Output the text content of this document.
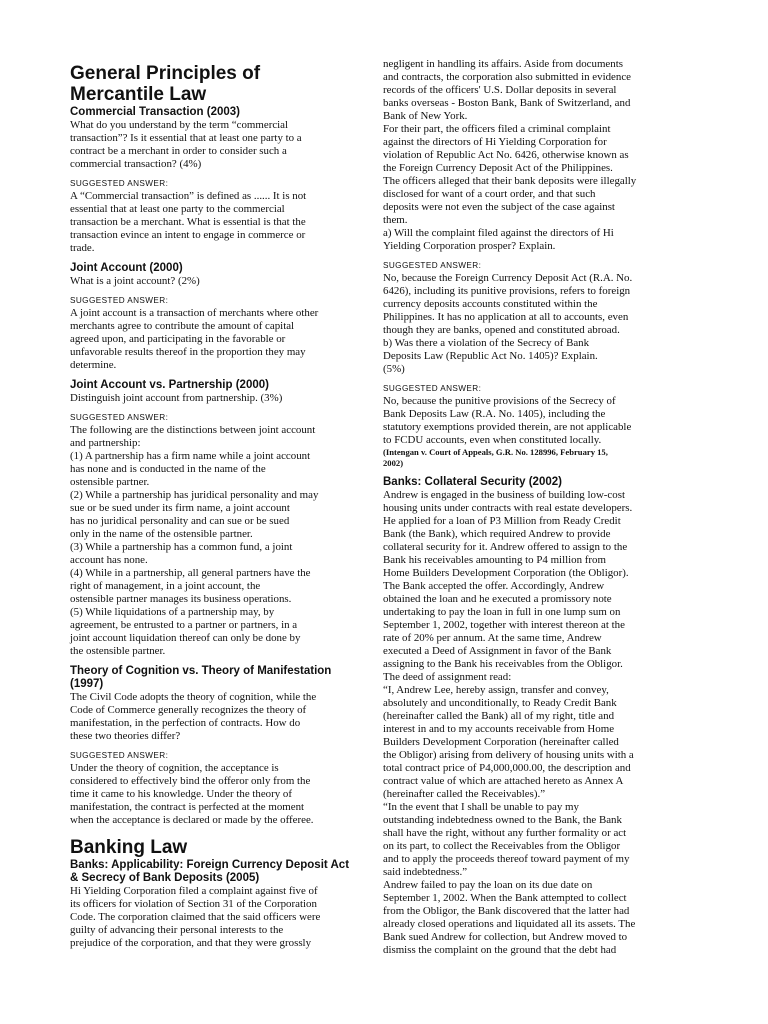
General Principles of
Mercantile Law
Commercial Transaction (2003)

What do you understand by the term “commercial
transaction”? Is it essential that at least one party to a
contract be a merchant in order to consider such a
commercial transaction? (4%)

SUGGESTED ANSWER:

A “Commercial transaction” is defined as ...... It is not
essential that at least one party to the commercial
transaction be a merchant. What is essential is that the
transaction evince an intent to engage in commerce or
trade.

Joint Account (2000)

What is a joint account? (2%)

SUGGESTED ANSWER:

A joint account is a transaction of merchants where other
merchants agree to contribute the amount of capital
agreed upon, and participating in the favorable or
unfavorable results thereof in the proportion they may
determine.

Joint Account vs. Partnership (2000)

Distinguish joint account from partnership. (3%)

SUGGESTED ANSWER:

The following are the distinctions between joint account
and partnership:
(1) A partnership has a firm name while a joint account
has none and is conducted in the name of the
ostensible partner.
(2) While a partnership has juridical personality and may
sue or be sued under its firm name, a joint account
has no juridical personality and can sue or be sued
only in the name of the ostensible partner.
(3) While a partnership has a common fund, a joint
account has none.
(4) While in a partnership, all general partners have the
right of management, in a joint account, the
ostensible partner manages its business operations.
(5) While liquidations of a partnership may, by
agreement, be entrusted to a partner or partners, in a
joint account liquidation thereof can only be done by
the ostensible partner.

Theory of Cognition vs. Theory of Manifestation
(1997)

The Civil Code adopts the theory of cognition, while the
Code of Commerce generally recognizes the theory of
manifestation, in the perfection of contracts. How do
these two theories differ?

SUGGESTED ANSWER:

Under the theory of cognition, the acceptance is
considered to effectively bind the offeror only from the
time it came to his knowledge. Under the theory of
manifestation, the contract is perfected at the moment
when the acceptance is declared or made by the offeree.

Banking Law
Banks: Applicability: Foreign Currency Deposit Act
& Secrecy of Bank Deposits (2005)

Hi Yielding Corporation filed a complaint against five of
its officers for violation of Section 31 of the Corporation
Code. The corporation claimed that the said officers were
guilty of advancing their personal interests to the
prejudice of the corporation, and that they were grossly

negligent in handling its affairs. Aside from documents
and contracts, the corporation also submitted in evidence
records of the officers' U.S. Dollar deposits in several
banks overseas - Boston Bank, Bank of Switzerland, and
Bank of New York.
For their part, the officers filed a criminal complaint
against the directors of Hi Yielding Corporation for
violation of Republic Act No. 6426, otherwise known as
the Foreign Currency Deposit Act of the Philippines.
The officers alleged that their bank deposits were illegally
disclosed for want of a court order, and that such
deposits were not even the subject of the case against
them.
a) Will the complaint filed against the directors of Hi
Yielding Corporation prosper? Explain.

SUGGESTED ANSWER:

No, because the Foreign Currency Deposit Act (R.A. No.
6426), including its punitive provisions, refers to foreign
currency deposits accounts constituted within the
Philippines. It has no application at all to accounts, even
though they are banks, opened and constituted abroad.
b) Was there a violation of the Secrecy of Bank
Deposits Law (Republic Act No. 1405)? Explain.
(5%)

SUGGESTED ANSWER:

No, because the punitive provisions of the Secrecy of
Bank Deposits Law (R.A. No. 1405), including the
statutory exemptions provided therein, are not applicable
to FCDU accounts, even when constituted locally.

(Intengan v. Court of Appeals, G.R. No. 128996, February 15,
2002)
Banks: Collateral Security (2002)

Andrew is engaged in the business of building low-cost
housing units under contracts with real estate developers.
He applied for a loan of P3 Million from Ready Credit
Bank (the Bank), which required Andrew to provide
collateral security for it. Andrew offered to assign to the
Bank his receivables amounting to P4 million from
Home Builders Development Corporation (the Obligor).
The Bank accepted the offer. Accordingly, Andrew
obtained the loan and he executed a promissory note
undertaking to pay the loan in full in one lump sum on
September 1, 2002, together with interest thereon at the
rate of 20% per annum. At the same time, Andrew
executed a Deed of Assignment in favor of the Bank
assigning to the Bank his receivables from the Obligor.
The deed of assignment read:
“I, Andrew Lee, hereby assign, transfer and convey,
absolutely and unconditionally, to Ready Credit Bank
(hereinafter called the Bank) all of my right, title and
interest in and to my accounts receivable from Home
Builders Development Corporation (hereinafter called
the Obligor) arising from delivery of housing units with a
total contract price of P4,000,000.00, the description and
contract value of which are attached hereto as Annex A
(hereinafter called the Receivables).”
“In the event that I shall be unable to pay my
outstanding indebtedness owned to the Bank, the Bank
shall have the right, without any further formality or act
on its part, to collect the Receivables from the Obligor
and to apply the proceeds thereof toward payment of my
said indebtedness.”
Andrew failed to pay the loan on its due date on
September 1, 2002. When the Bank attempted to collect
from the Obligor, the Bank discovered that the latter had
already closed operations and liquidated all its assets. The
Bank sued Andrew for collection, but Andrew moved to
dismiss the complaint on the ground that the debt had
